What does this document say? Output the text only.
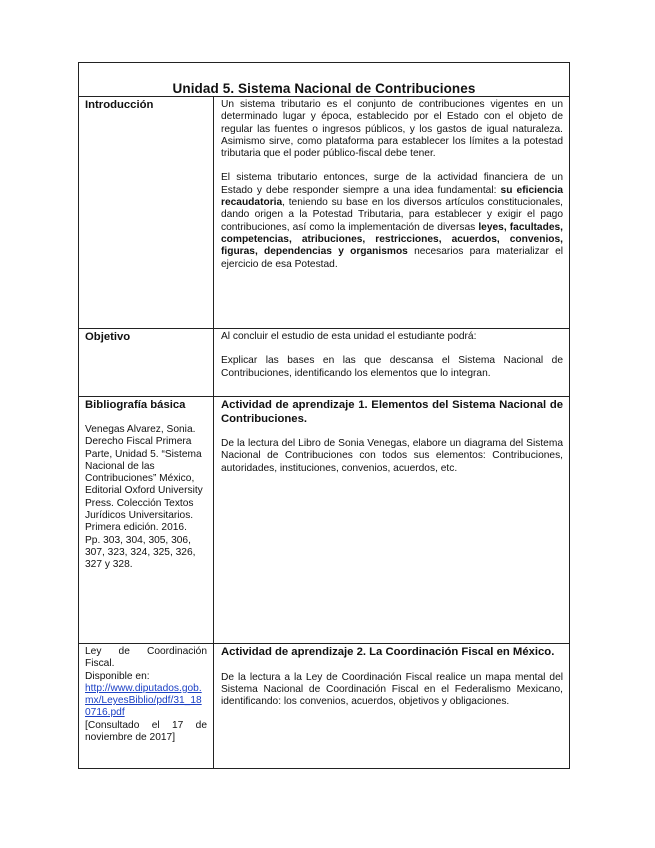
Unidad 5. Sistema Nacional de Contribuciones
Introducción	Un sistema tributario es el conjunto de contribuciones vigentes en un determinado lugar y época, establecido por el Estado con el objeto de regular las fuentes o ingresos públicos, y los gastos de igual naturaleza. Asimismo sirve, como plataforma para establecer los límites a la potestad tributaria que el poder público-fiscal debe tener.

El sistema tributario entonces, surge de la actividad financiera de un Estado y debe responder siempre a una idea fundamental: su eficiencia recaudatoria, teniendo su base en los diversos artículos constitucionales, dando origen a la Potestad Tributaria, para establecer y exigir el pago contribuciones, así como la implementación de diversas leyes, facultades, competencias, atribuciones, restricciones, acuerdos, convenios, figuras, dependencias y organismos necesarios para materializar el ejercicio de esa Potestad.

Objetivo	Al concluir el estudio de esta unidad el estudiante podrá:

Explicar las bases en las que descansa el Sistema Nacional de Contribuciones, identificando los elementos que lo integran.

Bibliografía básica

Venegas Alvarez, Sonia. Derecho Fiscal Primera Parte, Unidad 5. “Sistema Nacional de las Contribuciones” México, Editorial Oxford University Press. Colección Textos Jurídicos Universitarios. Primera edición. 2016. Pp. 303, 304, 305, 306, 307, 323, 324, 325, 326, 327 y 328.

Actividad de aprendizaje 1. Elementos del Sistema Nacional de Contribuciones.

De la lectura del Libro de Sonia Venegas, elabore un diagrama del Sistema Nacional de Contribuciones con todos sus elementos: Contribuciones, autoridades, instituciones, convenios, acuerdos, etc.

Ley de Coordinación Fiscal.

Disponible en:

http://www.diputados.gob.mx/LeyesBiblio/pdf/31_180716.pdf

[Consultado el 17 de noviembre de 2017]

Actividad de aprendizaje 2. La Coordinación Fiscal en México.

De la lectura a la Ley de Coordinación Fiscal realice un mapa mental del Sistema Nacional de Coordinación Fiscal en el Federalismo Mexicano, identificando: los convenios, acuerdos, objetivos y obligaciones.
